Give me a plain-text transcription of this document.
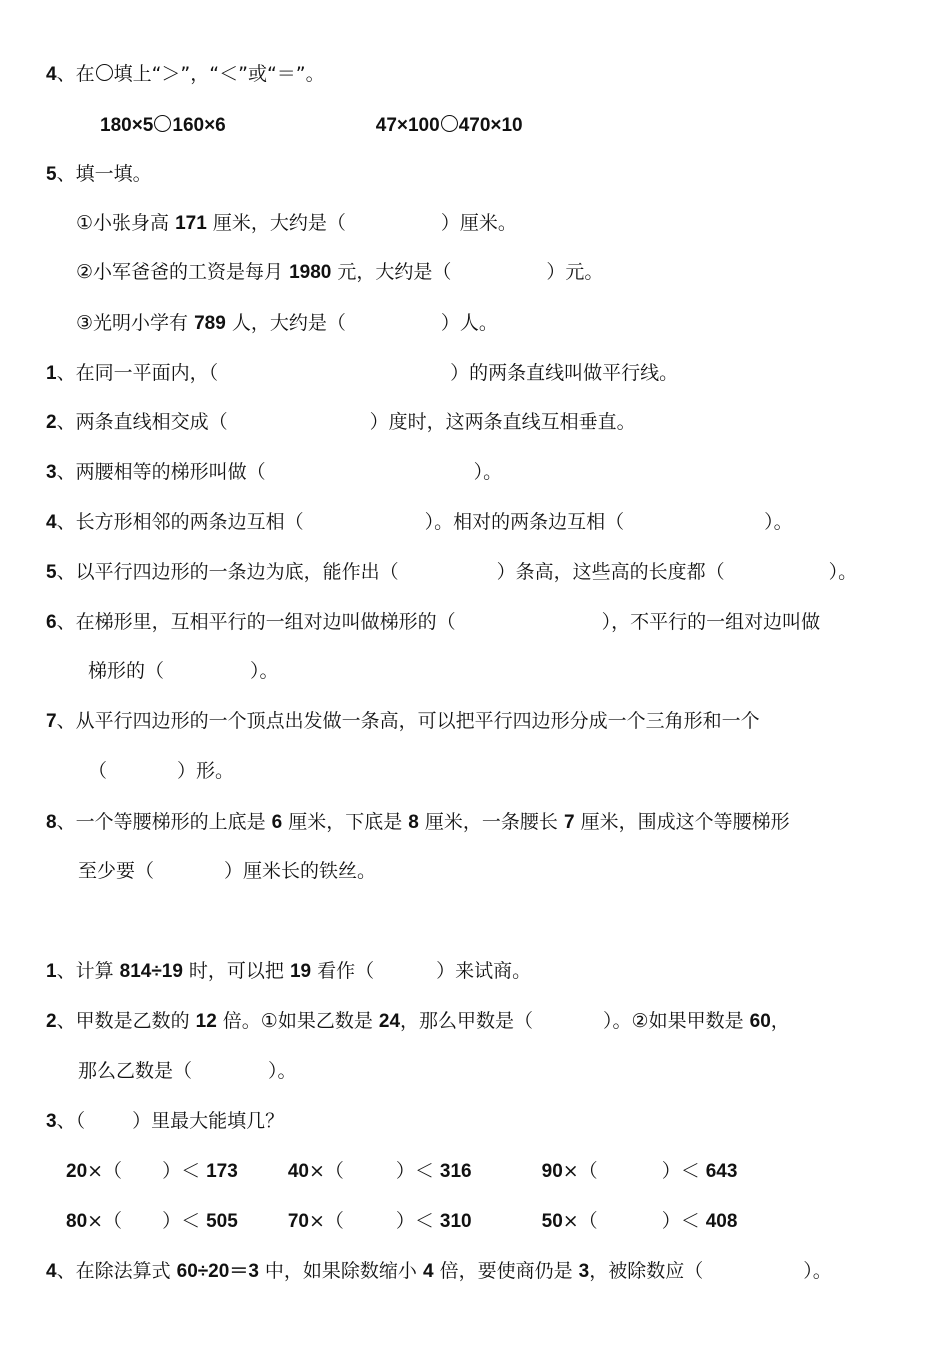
4、在 填上“＞”，“＜”或“＝”。
180×5 160×6	47×100 470×10
5、填一填。
①小张身高 171 厘米，大约是（	）厘米。
②小军爸爸的工资是每月 1980 元，大约是（	）元。
③光明小学有 789 人，大约是（	）人。
1、在同一平面内，（	）的两条直线叫做平行线。
2、两条直线相交成（	）度时，这两条直线互相垂直。
3、两腰相等的梯形叫做（	）。
4、长方形相邻的两条边互相（	）。相对的两条边互相（	）。
5、以平行四边形的一条边为底，能作出（	）条高，这些高的长度都（	）。
6、在梯形里，互相平行的一组对边叫做梯形的（	），不平行的一组对边叫做
梯形的（	）。
7、从平行四边形的一个顶点出发做一条高，可以把平行四边形分成一个三角形和一个
（	）形。
8、一个等腰梯形的上底是 6 厘米，下底是 8 厘米，一条腰长 7 厘米，围成这个等腰梯形
至少要（	）厘米长的铁丝。
1、计算 814÷19 时，可以把 19 看作（	）来试商。
2、甲数是乙数的 12 倍。①如果乙数是 24，那么甲数是（	）。②如果甲数是 60，
那么乙数是（	）。
3、（ ）里最大能填几？
20×（ ）＜ 173	40×（	）＜ 316	90×（	）＜ 643
80×（ ）＜ 505	70×（	）＜ 310	50×（	）＜ 408
4、在除法算式 60÷20＝3 中，如果除数缩小 4 倍，要使商仍是 3，被除数应（	）。
